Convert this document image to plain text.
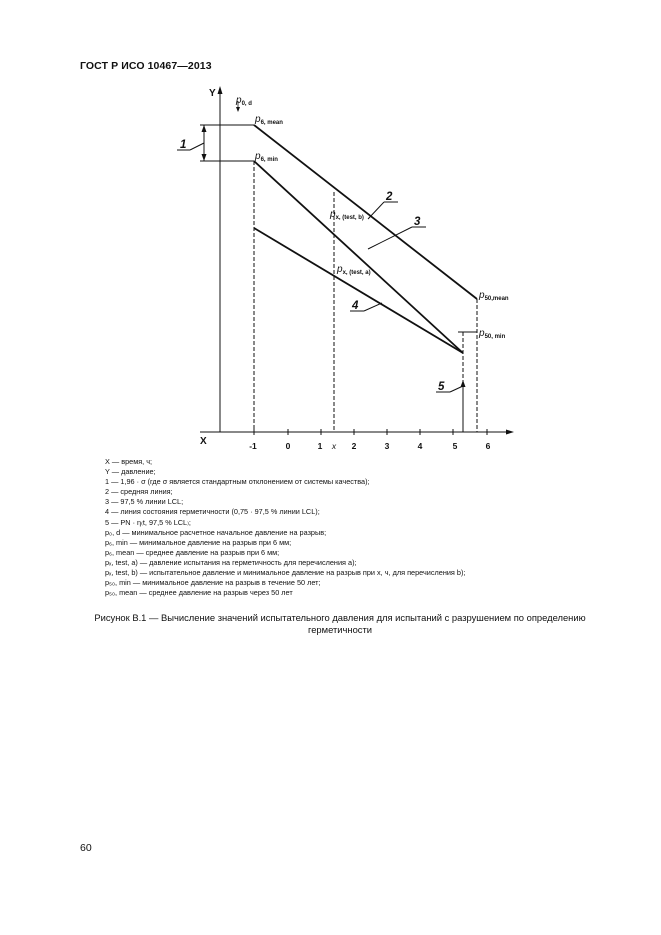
ГОСТ Р ИСО 10467—2013
Y
X	-1	0	1 x 2	3	4	5	6
1
2
3
4
5
p0, d
p6, mean
p6, min
px, (test, b)
px, (test, a)
p50,mean
p50, min
X — время, ч;
Y — давление;
1 — 1,96 · σ (где σ является стандартным отклонением от системы качества);
2 — средняя линия;
3 — 97,5 % линии LCL;
4 — линия состояния герметичности (0,75 · 97,5 % линии LCL);
5 — PN · η₍t, 97,5 % LCL₎;
p₀, d — минимальное расчетное начальное давление на разрыв;
p₆, min — минимальное давление на разрыв при 6 мм;
p₆, mean — среднее давление на разрыв при 6 мм;
pₓ, test, a) — давление испытания на герметичность для перечисления a);
pₓ, test, b) — испытательное давление и минимальное давление на разрыв при x, ч, для перечисления b);
p₅₀, min — минимальное давление на разрыв в течение 50 лет;
p₅₀, mean — среднее давление на разрыв через 50 лет
Рисунок B.1 — Вычисление значений испытательного давления для испытаний с разрушением по определению герметичности
60
